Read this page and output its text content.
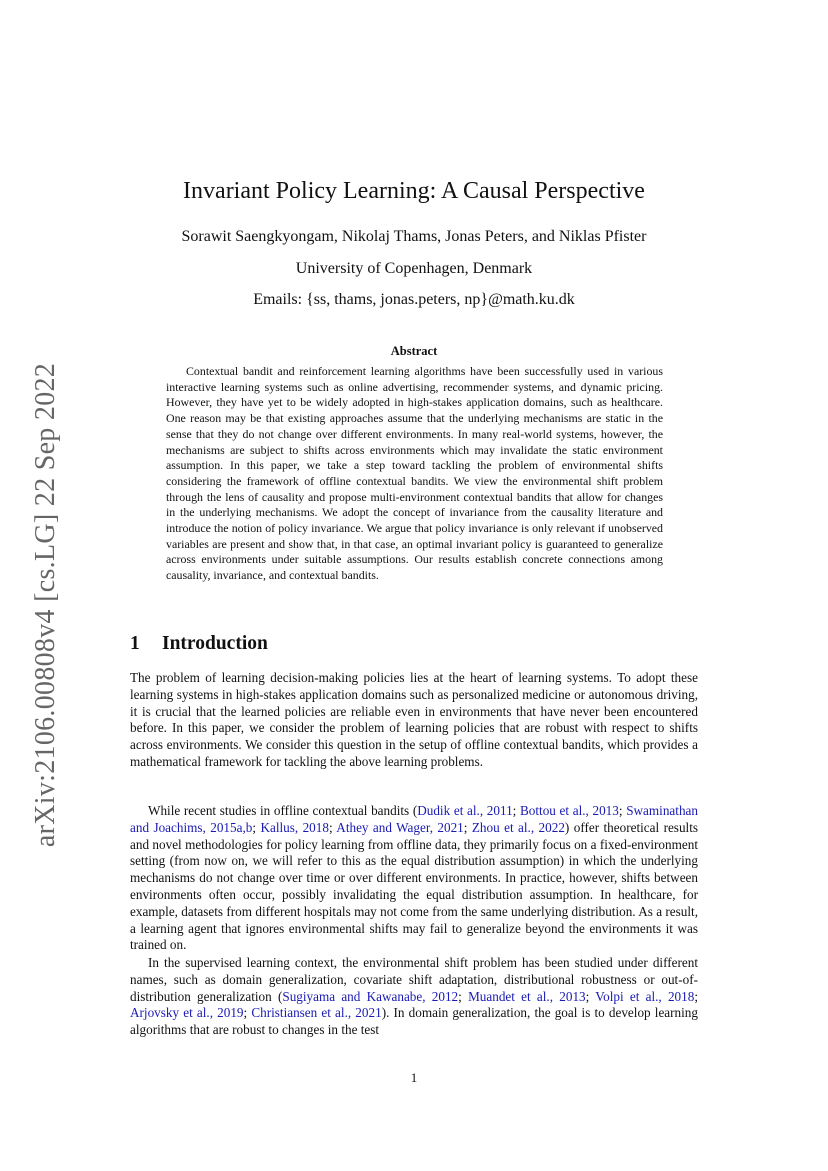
arXiv:2106.00808v4 [cs.LG] 22 Sep 2022
Invariant Policy Learning: A Causal Perspective
Sorawit Saengkyongam, Nikolaj Thams, Jonas Peters, and Niklas Pfister
University of Copenhagen, Denmark
Emails: {ss, thams, jonas.peters, np}@math.ku.dk
Abstract

Contextual bandit and reinforcement learning algorithms have been successfully used in various interactive learning systems such as online advertising, recommender systems, and dynamic pricing. However, they have yet to be widely adopted in high-stakes application domains, such as healthcare. One reason may be that existing approaches assume that the underlying mechanisms are static in the sense that they do not change over different environments. In many real-world systems, however, the mechanisms are subject to shifts across environments which may invalidate the static environment assumption. In this paper, we take a step toward tackling the problem of environmental shifts considering the framework of offline contextual bandits. We view the environmental shift problem through the lens of causality and propose multi-environment contextual bandits that allow for changes in the underlying mechanisms. We adopt the concept of invariance from the causality literature and introduce the notion of policy invariance. We argue that policy invariance is only relevant if unobserved variables are present and show that, in that case, an optimal invariant policy is guaranteed to generalize across environments under suitable assumptions. Our results establish concrete connections among causality, invariance, and contextual bandits.

1 Introduction

The problem of learning decision-making policies lies at the heart of learning systems. To adopt these learning systems in high-stakes application domains such as personalized medicine or autonomous driving, it is crucial that the learned policies are reliable even in environments that have never been encountered before. In this paper, we consider the problem of learning policies that are robust with respect to shifts across environments. We consider this question in the setup of offline contextual bandits, which provides a mathematical framework for tackling the above learning problems.

While recent studies in offline contextual bandits (Dudik et al., 2011; Bottou et al., 2013; Swaminathan and Joachims, 2015a,b; Kallus, 2018; Athey and Wager, 2021; Zhou et al., 2022) offer theoretical results and novel methodologies for policy learning from offline data, they primarily focus on a fixed-environment setting (from now on, we will refer to this as the equal distribution assumption) in which the underlying mechanisms do not change over time or over different environments. In practice, however, shifts between environments often occur, possibly invalidating the equal distribution assumption. In healthcare, for example, datasets from different hospitals may not come from the same underlying distribution. As a result, a learning agent that ignores environmental shifts may fail to generalize beyond the environments it was trained on.

In the supervised learning context, the environmental shift problem has been studied under different names, such as domain generalization, covariate shift adaptation, distributional robustness or out-of-distribution generalization (Sugiyama and Kawanabe, 2012; Muandet et al., 2013; Volpi et al., 2018; Arjovsky et al., 2019; Christiansen et al., 2021). In domain generalization, the goal is to develop learning algorithms that are robust to changes in the test

1
